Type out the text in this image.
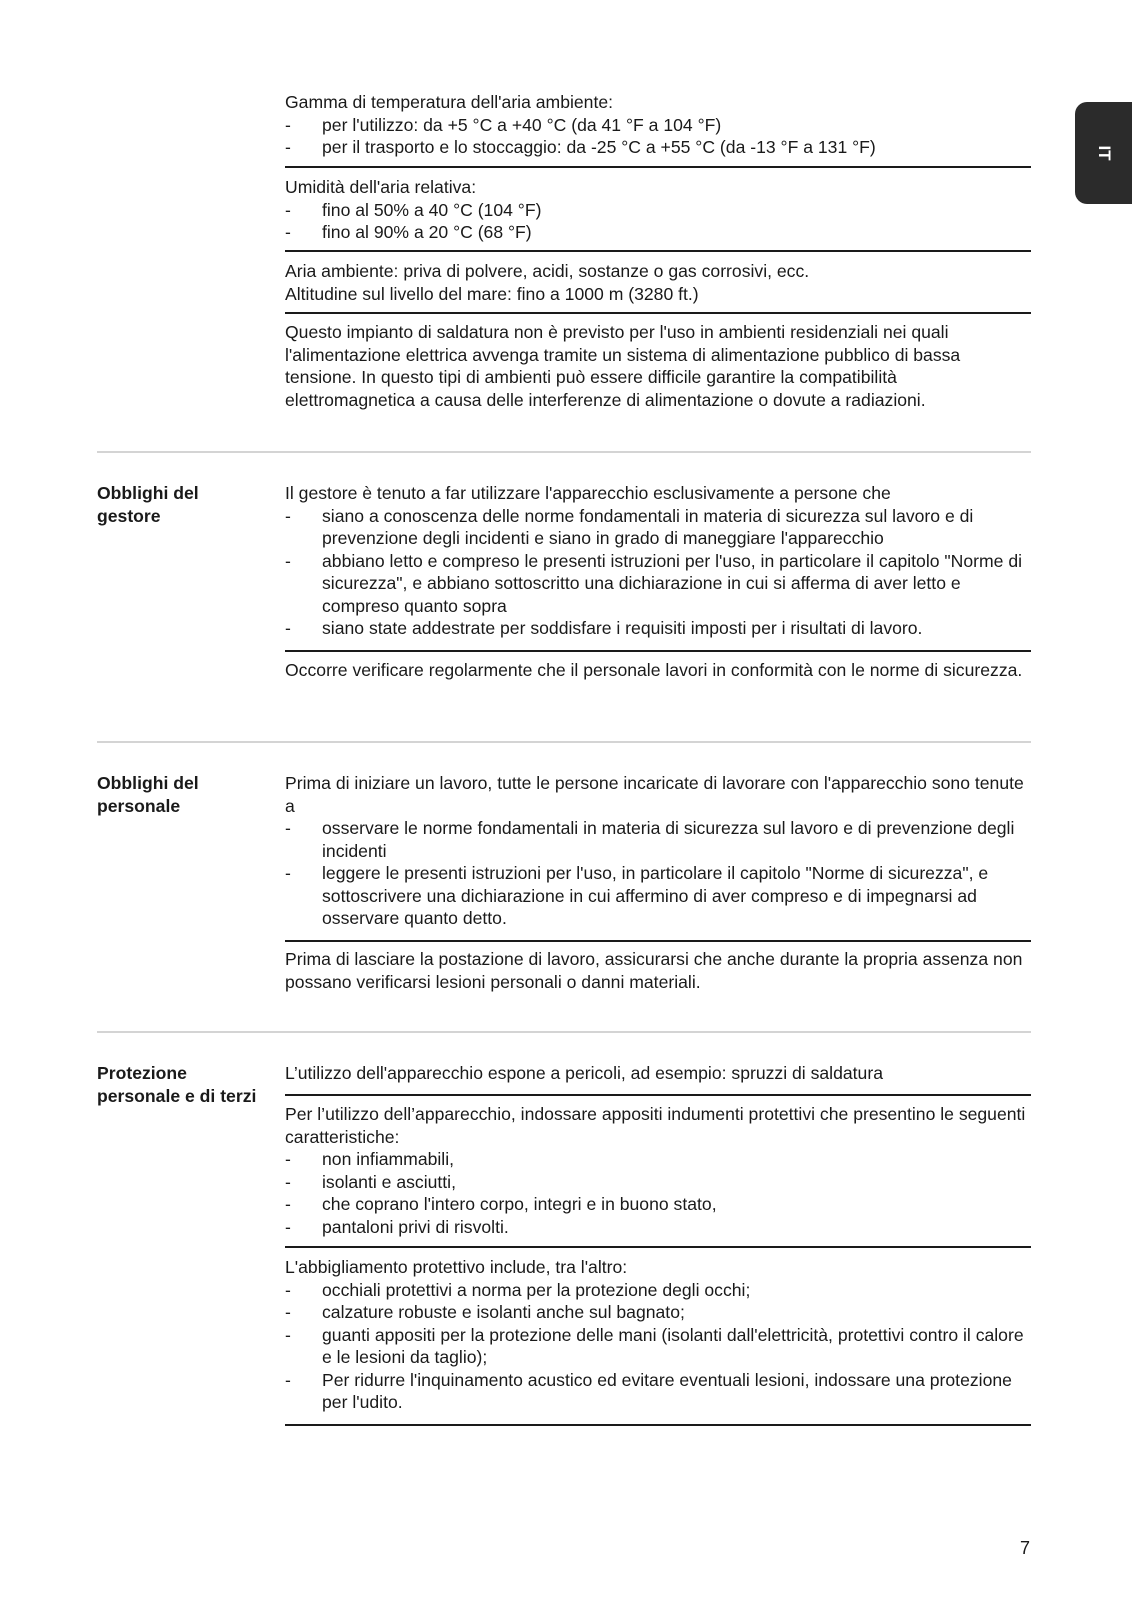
IT

Gamma di temperatura dell'aria ambiente:

- per l'utilizzo: da +5 °C a +40 °C (da 41 °F a 104 °F)
- per il trasporto e lo stoccaggio: da -25 °C a +55 °C (da -13 °F a 131 °F)

Umidità dell'aria relativa:

- fino al 50% a 40 °C (104 °F)
- fino al 90% a 20 °C (68 °F)

Aria ambiente: priva di polvere, acidi, sostanze o gas corrosivi, ecc.

Altitudine sul livello del mare: fino a 1000 m (3280 ft.)

Questo impianto di saldatura non è previsto per l'uso in ambienti residenziali nei quali l'alimentazione elettrica avvenga tramite un sistema di alimentazione pubblico di bassa tensione. In questo tipi di ambienti può essere difficile garantire la compatibilità elettromagnetica a causa delle interferenze di alimentazione o dovute a radiazioni.

Obblighi del gestore

Il gestore è tenuto a far utilizzare l'apparecchio esclusivamente a persone che

- siano a conoscenza delle norme fondamentali in materia di sicurezza sul lavoro e di prevenzione degli incidenti e siano in grado di maneggiare l'apparecchio
- abbiano letto e compreso le presenti istruzioni per l'uso, in particolare il capitolo "Norme di sicurezza", e abbiano sottoscritto una dichiarazione in cui si afferma di aver letto e compreso quanto sopra
- siano state addestrate per soddisfare i requisiti imposti per i risultati di lavoro.

Occorre verificare regolarmente che il personale lavori in conformità con le norme di sicurezza.

Obblighi del personale

Prima di iniziare un lavoro, tutte le persone incaricate di lavorare con l'apparecchio sono tenute a

- osservare le norme fondamentali in materia di sicurezza sul lavoro e di prevenzione degli incidenti
- leggere le presenti istruzioni per l'uso, in particolare il capitolo "Norme di sicurezza", e sottoscrivere una dichiarazione in cui affermino di aver compreso e di impegnarsi ad osservare quanto detto.

Prima di lasciare la postazione di lavoro, assicurarsi che anche durante la propria assenza non possano verificarsi lesioni personali o danni materiali.

Protezione personale e di terzi

L’utilizzo dell'apparecchio espone a pericoli, ad esempio: spruzzi di saldatura

Per l’utilizzo dell’apparecchio, indossare appositi indumenti protettivi che presentino le seguenti caratteristiche:

- non infiammabili,
- isolanti e asciutti,
- che coprano l'intero corpo, integri e in buono stato,
- pantaloni privi di risvolti.

L'abbigliamento protettivo include, tra l'altro:

- occhiali protettivi a norma per la protezione degli occhi;
- calzature robuste e isolanti anche sul bagnato;
- guanti appositi per la protezione delle mani (isolanti dall'elettricità, protettivi contro il calore e le lesioni da taglio);
- Per ridurre l'inquinamento acustico ed evitare eventuali lesioni, indossare una protezione per l'udito.
7
